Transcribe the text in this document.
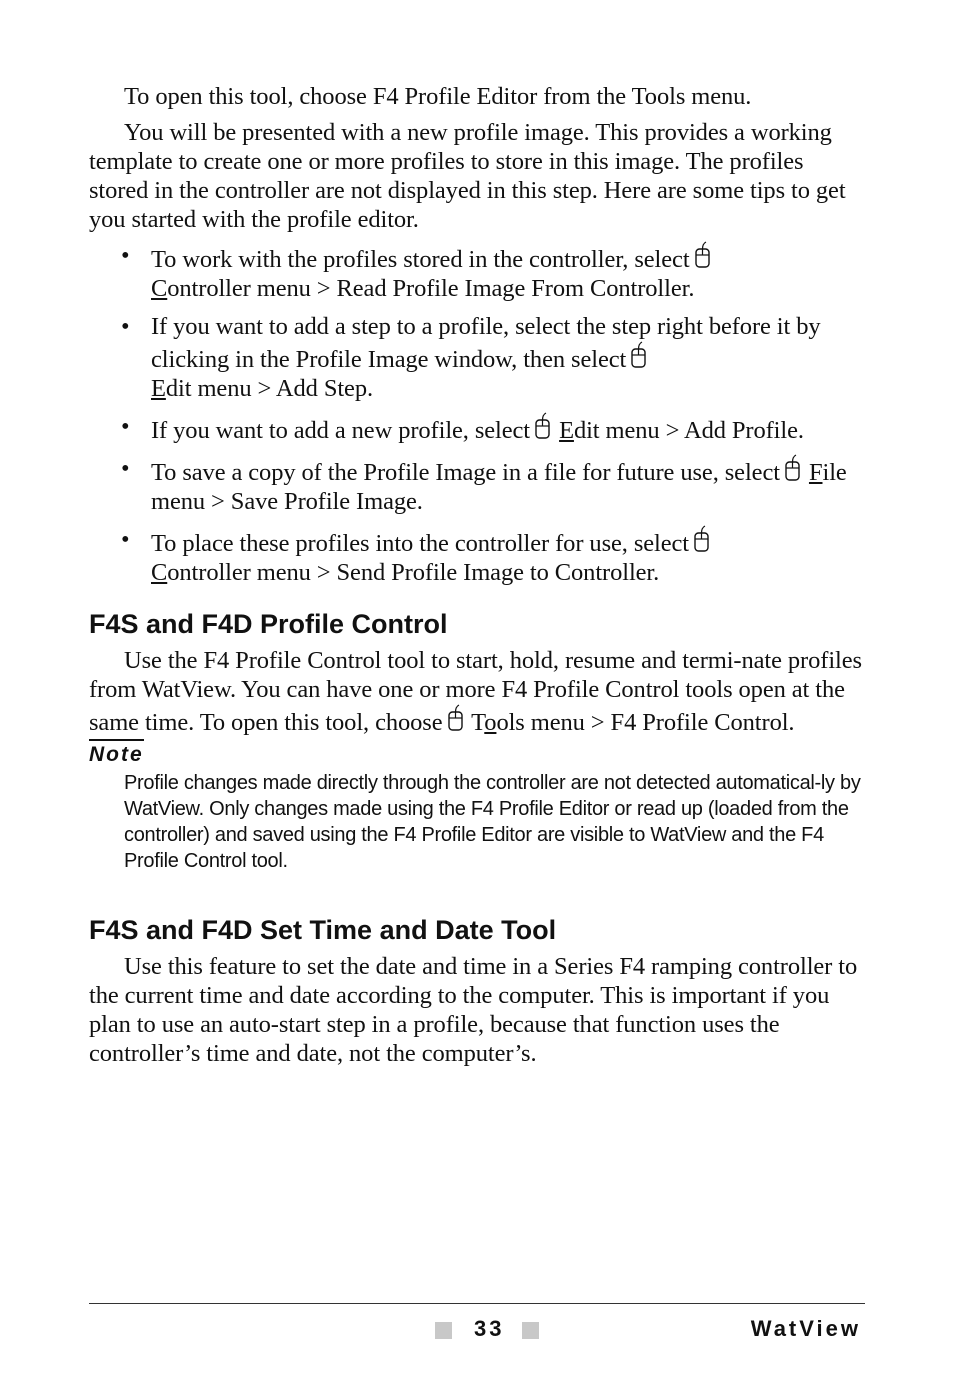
To open this tool, choose F4 Profile Editor from the Tools menu.

You will be presented with a new profile image. This provides a working template to create one or more profiles to store in this image. The profiles stored in the controller are not displayed in this step. Here are some tips to get you started with the profile editor.

• To work with the profiles stored in the controller, select

Controller menu > Read Profile Image From Controller.
• If you want to add a step to a profile, select the step right before it by clicking in the Profile Image window, then select

Edit menu > Add Step.
• If you want to add a new profile, select Edit menu > Add Profile.
• To save a copy of the Profile Image in a file for future use, select File menu > Save Profile Image.
• To place these profiles into the controller for use, select

Controller menu > Send Profile Image to Controller.
F4S and F4D Profile Control

Use the F4 Profile Control tool to start, hold, resume and termi-nate profiles from WatView. You can have one or more F4 Profile Control tools open at the same time. To open this tool, choose Tools menu > F4 Profile Control.

Note

Profile changes made directly through the controller are not detected automatical-ly by WatView. Only changes made using the F4 Profile Editor or read up (loaded from the controller) and saved using the F4 Profile Editor are visible to WatView and the F4 Profile Control tool.

F4S and F4D Set Time and Date Tool

Use this feature to set the date and time in a Series F4 ramping controller to the current time and date according to the computer. This is important if you plan to use an auto-start step in a profile, because that function uses the controller’s time and date, not the computer’s.

33	WatView
